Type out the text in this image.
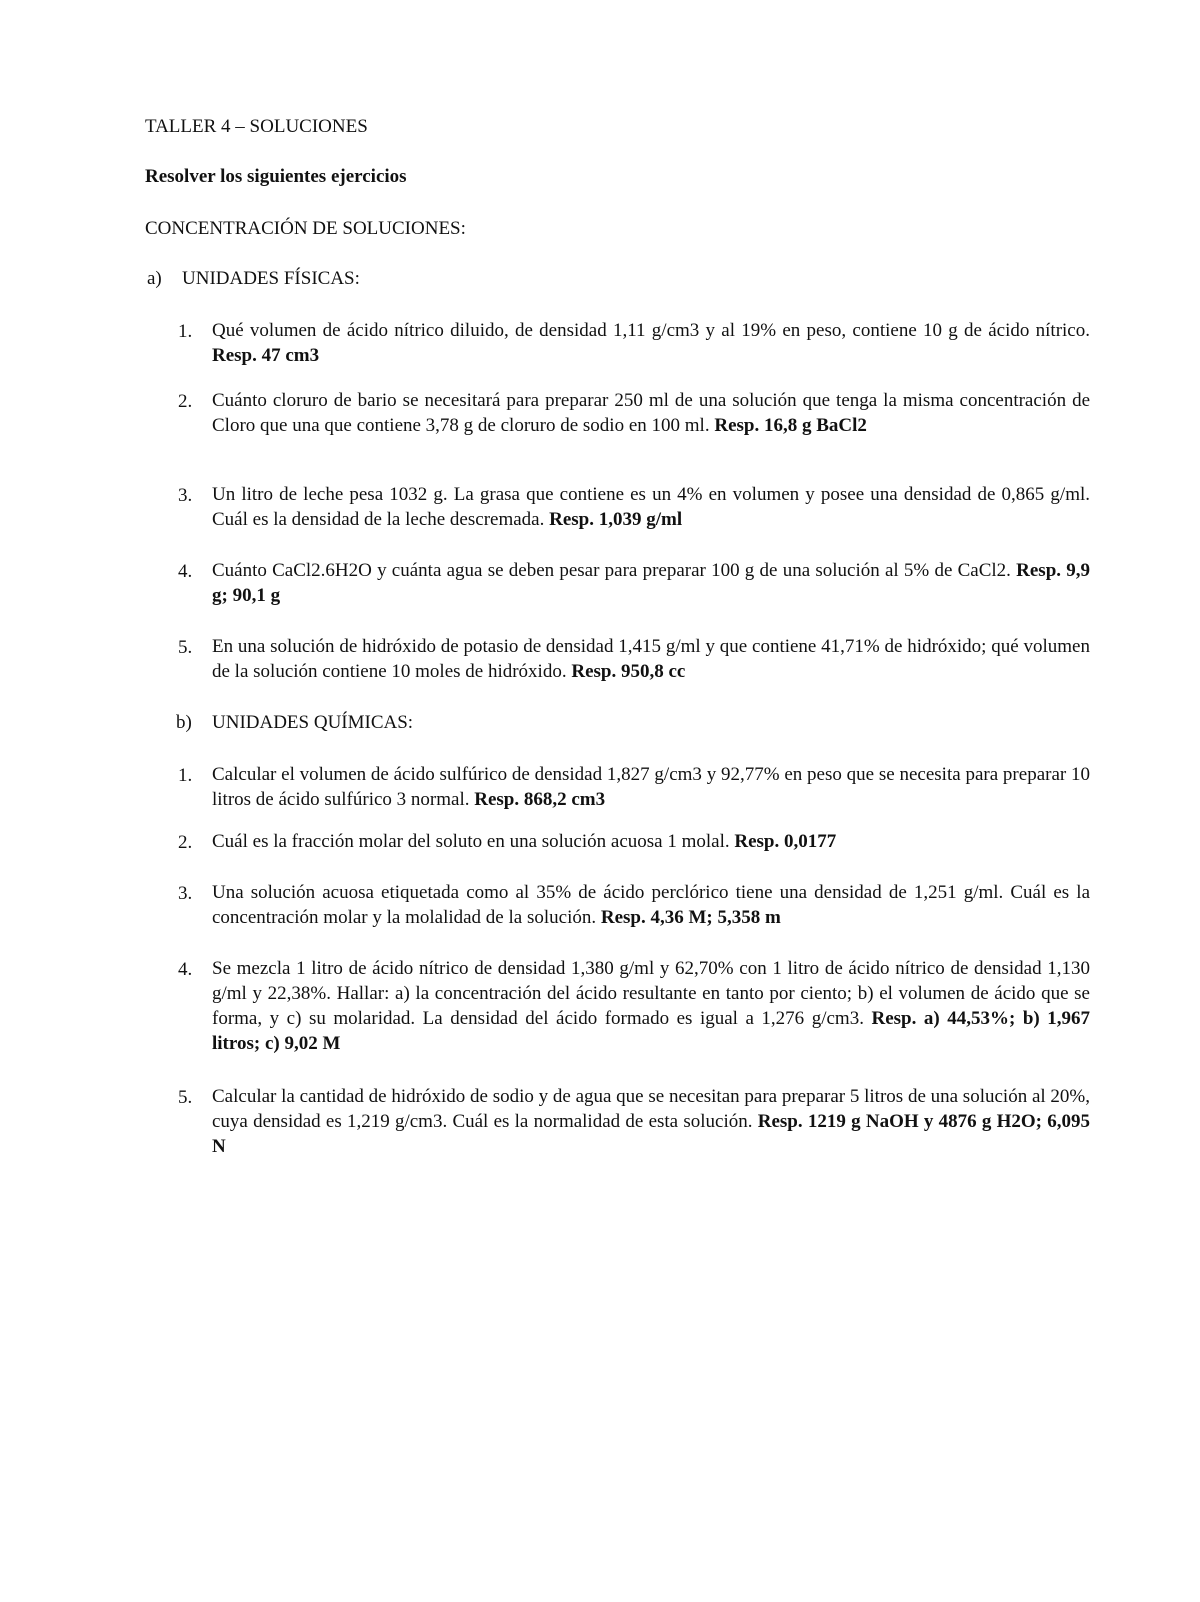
TALLER 4 – SOLUCIONES
Resolver los siguientes ejercicios
CONCENTRACIÓN DE SOLUCIONES:
a) UNIDADES FÍSICAS:
1. Qué volumen de ácido nítrico diluido, de densidad 1,11 g/cm3 y al 19% en peso, contiene 10 g de ácido nítrico. Resp. 47 cm3
2. Cuánto cloruro de bario se necesitará para preparar 250 ml de una solución que tenga la misma concentración de Cloro que una que contiene 3,78 g de cloruro de sodio en 100 ml. Resp. 16,8 g BaCl2
3. Un litro de leche pesa 1032 g. La grasa que contiene es un 4% en volumen y posee una densidad de 0,865 g/ml. Cuál es la densidad de la leche descremada. Resp. 1,039 g/ml
4. Cuánto CaCl2.6H2O y cuánta agua se deben pesar para preparar 100 g de una solución al 5% de CaCl2. Resp. 9,9 g; 90,1 g
5. En una solución de hidróxido de potasio de densidad 1,415 g/ml y que contiene 41,71% de hidróxido; qué volumen de la solución contiene 10 moles de hidróxido. Resp. 950,8 cc
b) UNIDADES QUÍMICAS:
1. Calcular el volumen de ácido sulfúrico de densidad 1,827 g/cm3 y 92,77% en peso que se necesita para preparar 10 litros de ácido sulfúrico 3 normal. Resp. 868,2 cm3
2. Cuál es la fracción molar del soluto en una solución acuosa 1 molal. Resp. 0,0177
3. Una solución acuosa etiquetada como al 35% de ácido perclórico tiene una densidad de 1,251 g/ml. Cuál es la concentración molar y la molalidad de la solución. Resp. 4,36 M; 5,358 m
4. Se mezcla 1 litro de ácido nítrico de densidad 1,380 g/ml y 62,70% con 1 litro de ácido nítrico de densidad 1,130 g/ml y 22,38%. Hallar: a) la concentración del ácido resultante en tanto por ciento; b) el volumen de ácido que se forma, y c) su molaridad. La densidad del ácido formado es igual a 1,276 g/cm3. Resp. a) 44,53%; b) 1,967 litros; c) 9,02 M
5. Calcular la cantidad de hidróxido de sodio y de agua que se necesitan para preparar 5 litros de una solución al 20%, cuya densidad es 1,219 g/cm3. Cuál es la normalidad de esta solución. Resp. 1219 g NaOH y 4876 g H2O; 6,095 N
